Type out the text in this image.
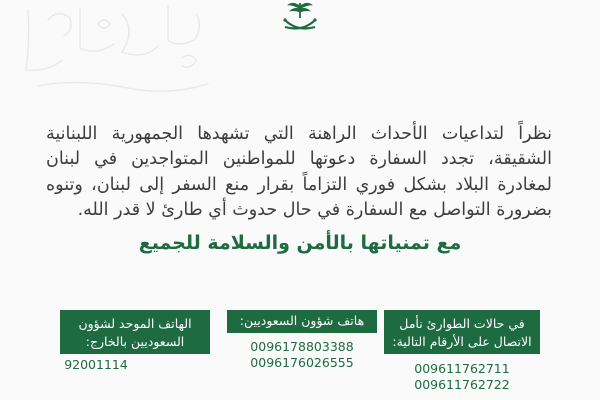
نظراً لتداعيات الأحداث الراهنة التي تشهدها الجمهورية اللبنانية الشقيقة، تجدد السفارة دعوتها للمواطنين المتواجدين في لبنان لمغادرة البلاد بشكل فوري التزاماً بقرار منع السفر إلى لبنان، وتنوه بضرورة التواصل مع السفارة في حال حدوث أي طارئ لا قدر الله.

مع تمنياتها بالأمن والسلامة للجميع
الهاتف الموحد لشؤون السعوديين بالخارج:

92001114

هاتف شؤون السعوديين:

0096178803388
0096176026555

في حالات الطوارئ نأمل الاتصال على الأرقام التالية:

009611762711
009611762722
